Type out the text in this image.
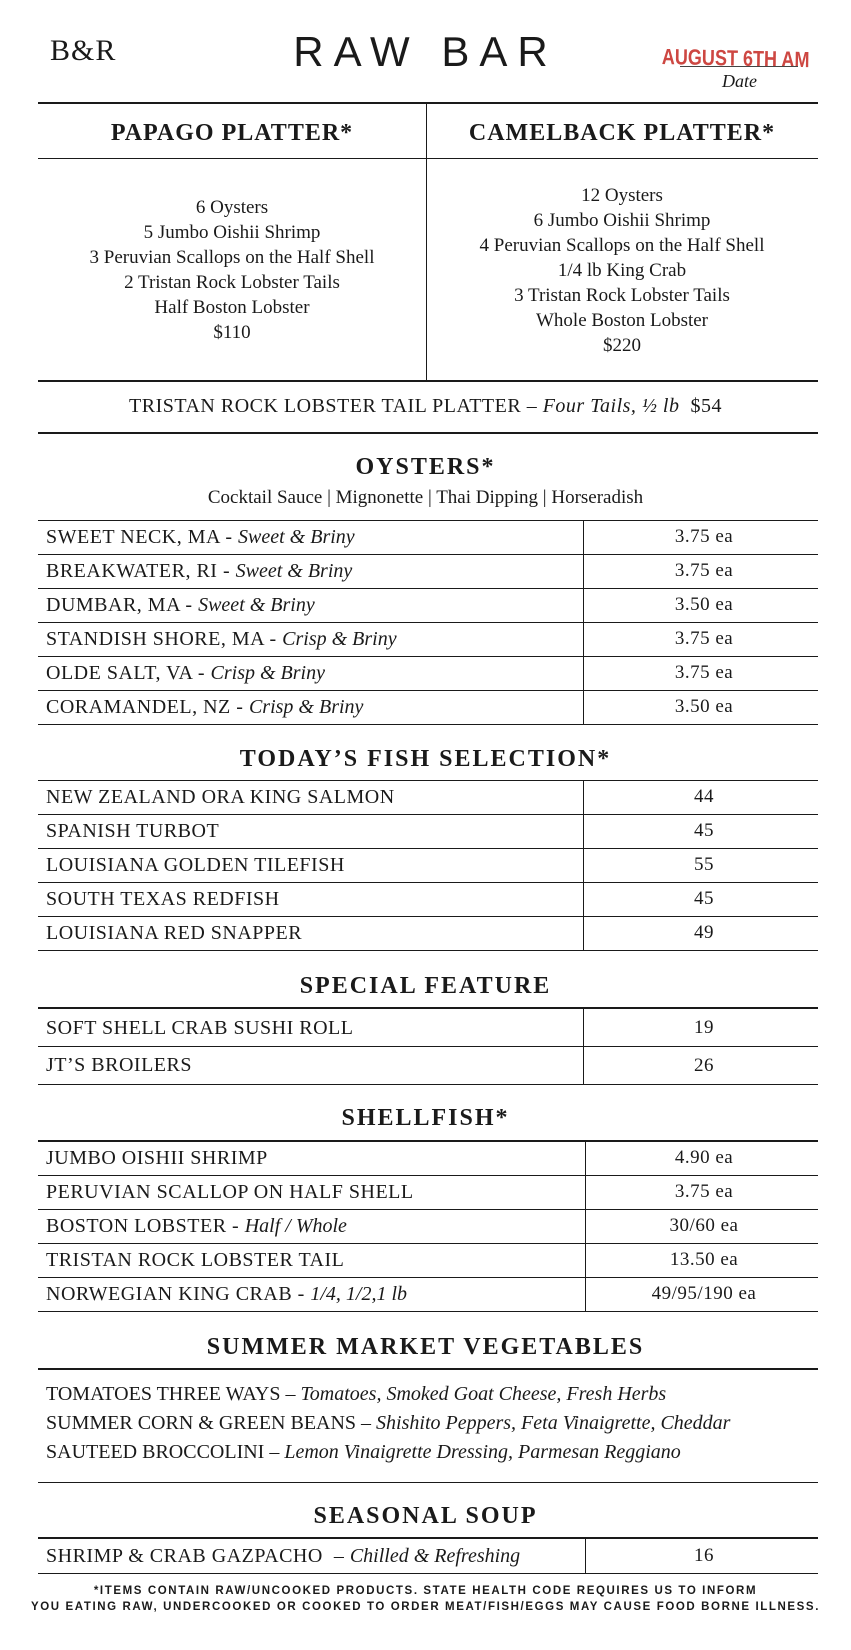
B&R	RAW BAR	AUGUST 6TH AM
Date
PAPAGO PLATTER*	CAMELBACK PLATTER*
6 Oysters
5 Jumbo Oishii Shrimp
3 Peruvian Scallops on the Half Shell
2 Tristan Rock Lobster Tails
Half Boston Lobster
$110
12 Oysters
6 Jumbo Oishii Shrimp
4 Peruvian Scallops on the Half Shell
1/4 lb King Crab
3 Tristan Rock Lobster Tails
Whole Boston Lobster
$220
TRISTAN ROCK LOBSTER TAIL PLATTER – Four Tails, ½ lb $54
OYSTERS*
Cocktail Sauce | Mignonette | Thai Dipping | Horseradish
SWEET NECK, MA - Sweet & Briny	3.75 ea
BREAKWATER, RI - Sweet & Briny	3.75 ea
DUMBAR, MA - Sweet & Briny	3.50 ea
STANDISH SHORE, MA - Crisp & Briny	3.75 ea
OLDE SALT, VA - Crisp & Briny	3.75 ea
CORAMANDEL, NZ - Crisp & Briny	3.50 ea
TODAY’S FISH SELECTION*
NEW ZEALAND ORA KING SALMON	44
SPANISH TURBOT	45
LOUISIANA GOLDEN TILEFISH	55
SOUTH TEXAS REDFISH	45
LOUISIANA RED SNAPPER	49
SPECIAL FEATURE
SOFT SHELL CRAB SUSHI ROLL	19
JT’S BROILERS	26
SHELLFISH*
JUMBO OISHII SHRIMP	4.90 ea
PERUVIAN SCALLOP ON HALF SHELL	3.75 ea
BOSTON LOBSTER - Half / Whole	30/60 ea
TRISTAN ROCK LOBSTER TAIL	13.50 ea
NORWEGIAN KING CRAB - 1/4, 1/2,1 lb	49/95/190 ea
SUMMER MARKET VEGETABLES
TOMATOES THREE WAYS – Tomatoes, Smoked Goat Cheese, Fresh Herbs
SUMMER CORN & GREEN BEANS – Shishito Peppers, Feta Vinaigrette, Cheddar
SAUTEED BROCCOLINI – Lemon Vinaigrette Dressing, Parmesan Reggiano
SEASONAL SOUP
SHRIMP & CRAB GAZPACHO  – Chilled & Refreshing	16
*ITEMS CONTAIN RAW/UNCOOKED PRODUCTS. STATE HEALTH CODE REQUIRES US TO INFORM
YOU EATING RAW, UNDERCOOKED OR COOKED TO ORDER MEAT/FISH/EGGS MAY CAUSE FOOD BORNE ILLNESS.
